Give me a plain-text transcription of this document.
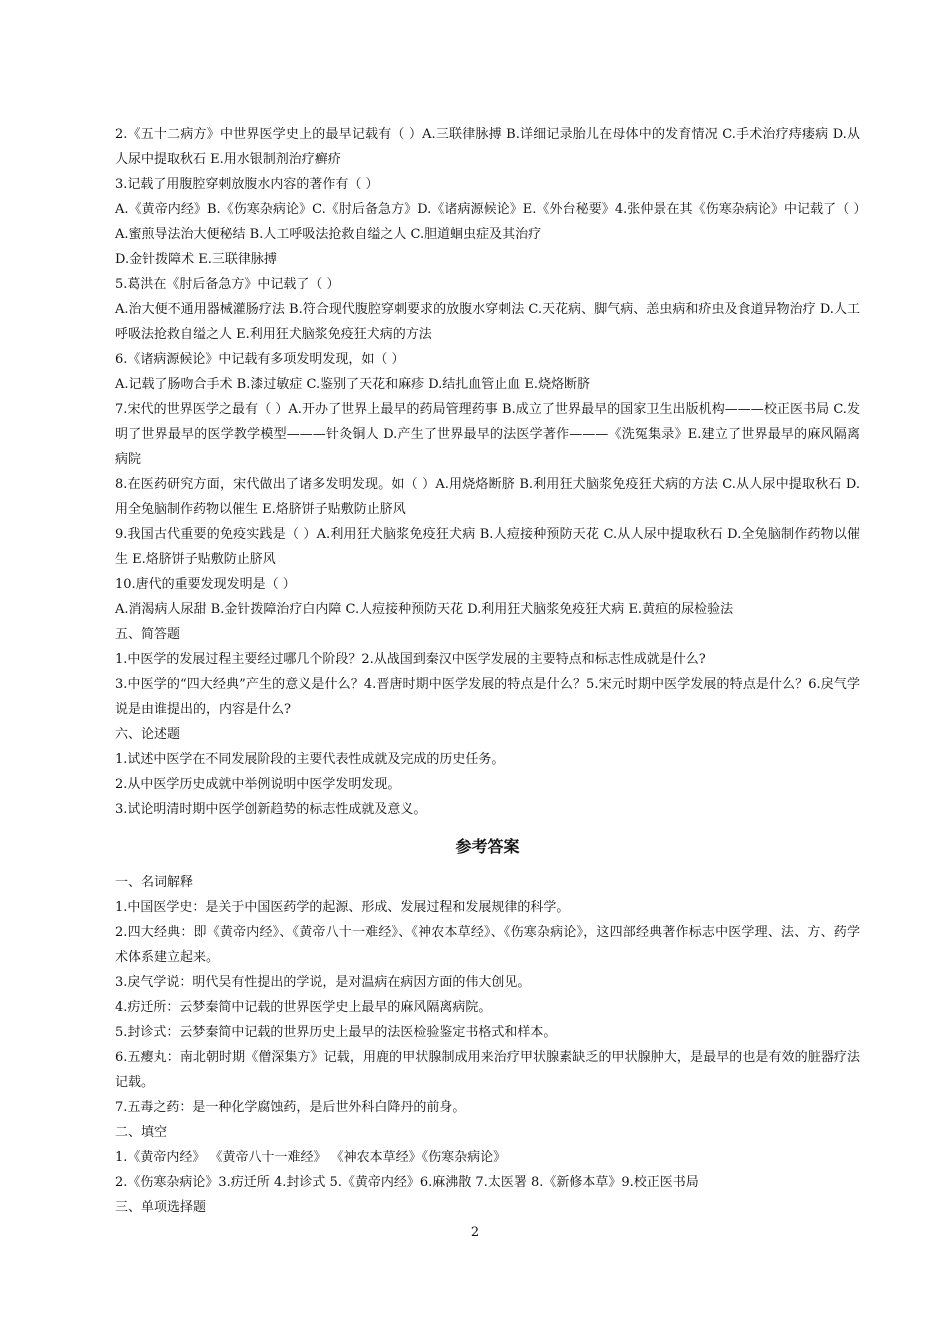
2.《五十二病方》中世界医学史上的最早记载有（ ）A.三联律脉搏 B.详细记录胎儿在母体中的发育情况 C.手术治疗痔瘘病 D.从人尿中提取秋石 E.用水银制剂治疗癣疥

3.记载了用腹腔穿刺放腹水内容的著作有（ ）

A.《黄帝内经》B.《伤寒杂病论》C.《肘后备急方》D.《诸病源候论》E.《外台秘要》4.张仲景在其《伤寒杂病论》中记载了（ ）A.蜜煎导法治大便秘结 B.人工呼吸法抢救自缢之人 C.胆道蛔虫症及其治疗

D.金针拨障术 E.三联律脉搏

5.葛洪在《肘后备急方》中记载了（ ）

A.治大便不通用器械灌肠疗法 B.符合现代腹腔穿刺要求的放腹水穿刺法 C.天花病、脚气病、恙虫病和疥虫及食道异物治疗 D.人工呼吸法抢救自缢之人 E.利用狂犬脑浆免疫狂犬病的方法

6.《诸病源候论》中记载有多项发明发现，如（ ）

A.记载了肠吻合手术 B.漆过敏症 C.鉴别了天花和麻疹 D.结扎血管止血 E.烧烙断脐

7.宋代的世界医学之最有（ ）A.开办了世界上最早的药局管理药事 B.成立了世界最早的国家卫生出版机构———校正医书局 C.发明了世界最早的医学教学模型———针灸铜人 D.产生了世界最早的法医学著作———《洗冤集录》E.建立了世界最早的麻风隔离病院

8.在医药研究方面，宋代做出了诸多发明发现。如（ ）A.用烧烙断脐 B.利用狂犬脑浆免疫狂犬病的方法 C.从人尿中提取秋石 D.用全兔脑制作药物以催生 E.烙脐饼子贴敷防止脐风

9.我国古代重要的免疫实践是（ ）A.利用狂犬脑浆免疫狂犬病 B.人痘接种预防天花 C.从人尿中提取秋石 D.全兔脑制作药物以催生 E.烙脐饼子贴敷防止脐风

10.唐代的重要发现发明是（ ）

A.消渴病人尿甜 B.金针拨障治疗白内障 C.人痘接种预防天花 D.利用狂犬脑浆免疫狂犬病 E.黄疸的尿检验法

五、简答题

1.中医学的发展过程主要经过哪几个阶段？2.从战国到秦汉中医学发展的主要特点和标志性成就是什么?

3.中医学的“四大经典”产生的意义是什么？4.晋唐时期中医学发展的特点是什么？5.宋元时期中医学发展的特点是什么？6.戾气学说是由谁提出的，内容是什么?

六、论述题

1.试述中医学在不同发展阶段的主要代表性成就及完成的历史任务。

2.从中医学历史成就中举例说明中医学发明发现。

3.试论明清时期中医学创新趋势的标志性成就及意义。

参考答案

一、名词解释

1.中国医学史：是关于中国医药学的起源、形成、发展过程和发展规律的科学。

2.四大经典：即《黄帝内经》、《黄帝八十一难经》、《神农本草经》、《伤寒杂病论》，这四部经典著作标志中医学理、法、方、药学术体系建立起来。

3.戾气学说：明代吴有性提出的学说，是对温病在病因方面的伟大创见。

4.疠迁所：云梦秦简中记载的世界医学史上最早的麻风隔离病院。

5.封诊式：云梦秦简中记载的世界历史上最早的法医检验鉴定书格式和样本。

6.五瘿丸：南北朝时期《僧深集方》记载，用鹿的甲状腺制成用来治疗甲状腺素缺乏的甲状腺肿大，是最早的也是有效的脏器疗法记载。

7.五毒之药：是一种化学腐蚀药，是后世外科白降丹的前身。

二、填空

1.《黄帝内经》 《黄帝八十一难经》 《神农本草经》《伤寒杂病论》

2.《伤寒杂病论》3.疠迁所 4.封诊式 5.《黄帝内经》6.麻沸散 7.太医署 8.《新修本草》9.校正医书局

三、单项选择题

2
